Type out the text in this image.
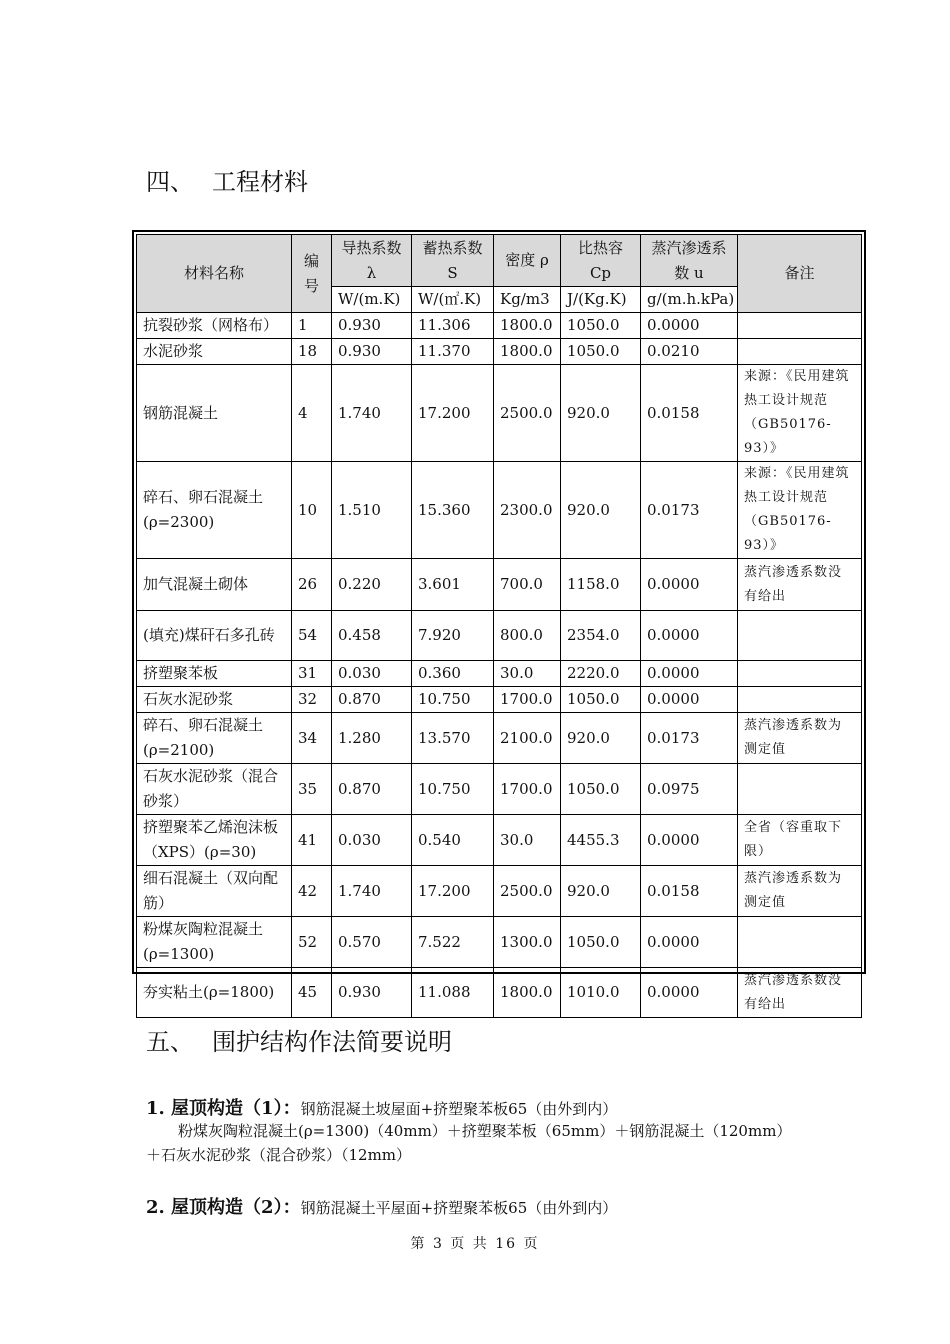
四、 工程材料
材料名称	编号	导热系数 λ	蓄热系数 S	密度 ρ	比热容 Cp	蒸汽渗透系数 u	备注
		W/(m.K)	W/(㎡.K)	Kg/m3	J/(Kg.K)	g/(m.h.kPa)	
抗裂砂浆（网格布）	1	0.930	11.306	1800.0	1050.0	0.0000	
水泥砂浆	18	0.930	11.370	1800.0	1050.0	0.0210	
钢筋混凝土	4	1.740	17.200	2500.0	920.0	0.0158	来源：《民用建筑热工设计规范（GB50176-93）》
碎石、卵石混凝土(ρ=2300)	10	1.510	15.360	2300.0	920.0	0.0173	来源：《民用建筑热工设计规范（GB50176-93）》
加气混凝土砌体	26	0.220	3.601	700.0	1158.0	0.0000	蒸汽渗透系数没有给出
(填充)煤矸石多孔砖	54	0.458	7.920	800.0	2354.0	0.0000	
挤塑聚苯板	31	0.030	0.360	30.0	2220.0	0.0000	
石灰水泥砂浆	32	0.870	10.750	1700.0	1050.0	0.0000	
碎石、卵石混凝土(ρ=2100)	34	1.280	13.570	2100.0	920.0	0.0173	蒸汽渗透系数为测定值
石灰水泥砂浆（混合砂浆）	35	0.870	10.750	1700.0	1050.0	0.0975	
挤塑聚苯乙烯泡沫板（XPS）(ρ=30)	41	0.030	0.540	30.0	4455.3	0.0000	全省（容重取下限）
细石混凝土（双向配筋）	42	1.740	17.200	2500.0	920.0	0.0158	蒸汽渗透系数为测定值
粉煤灰陶粒混凝土(ρ=1300)	52	0.570	7.522	1300.0	1050.0	0.0000	
夯实粘土(ρ=1800)	45	0.930	11.088	1800.0	1010.0	0.0000	蒸汽渗透系数没有给出
五、 围护结构作法简要说明
1. 屋顶构造（1）：钢筋混凝土坡屋面+挤塑聚苯板65（由外到内）
粉煤灰陶粒混凝土(ρ=1300)（40mm）＋挤塑聚苯板（65mm）＋钢筋混凝土（120mm）
＋石灰水泥砂浆（混合砂浆）（12mm）
2. 屋顶构造（2）：钢筋混凝土平屋面+挤塑聚苯板65（由外到内）
第 3 页 共 16 页
